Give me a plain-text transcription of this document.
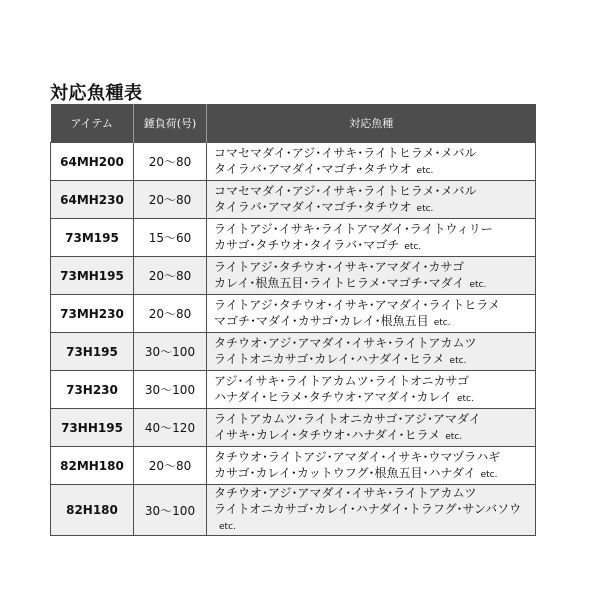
対応魚種表
アイテム	錘負荷(号)	対応魚種
64MH200	20～80	コマセマダイ･アジ･イサキ･ライトヒラメ･メバル
タイラバ･アマダイ･マゴチ･タチウオ etc.

64MH230	20～80	コマセマダイ･アジ･イサキ･ライトヒラメ･メバル
タイラバ･アマダイ･マゴチ･タチウオ etc.

73M195	15～60	ライトアジ･イサキ･ライトアマダイ･ライトウィリー
カサゴ･タチウオ･タイラバ･マゴチ etc.

73MH195	20～80	ライトアジ･タチウオ･イサキ･アマダイ･カサゴ
カレイ･根魚五目･ライトヒラメ･マゴチ･マダイ etc.

73MH230	20～80	ライトアジ･タチウオ･イサキ･アマダイ･ライトヒラメ
マゴチ･マダイ･カサゴ･カレイ･根魚五目 etc.

73H195	30～100	タチウオ･アジ･アマダイ･イサキ･ライトアカムツ
ライトオニカサゴ･カレイ･ハナダイ･ヒラメ etc.

73H230	30～100	アジ･イサキ･ライトアカムツ･ライトオニカサゴ
ハナダイ･ヒラメ･タチウオ･アマダイ･カレイ etc.

73HH195	40～120	ライトアカムツ･ライトオニカサゴ･アジ･アマダイ
イサキ･カレイ･タチウオ･ハナダイ･ヒラメ etc.

82MH180	20～80	タチウオ･ライトアジ･アマダイ･イサキ･ウマヅラハギ
カサゴ･カレイ･カットウフグ･根魚五目･ハナダイ etc.

82H180	30～100	タチウオ･アジ･アマダイ･イサキ･ライトアカムツ
ライトオニカサゴ･カレイ･ハナダイ･トラフグ･サンバソウetc.
